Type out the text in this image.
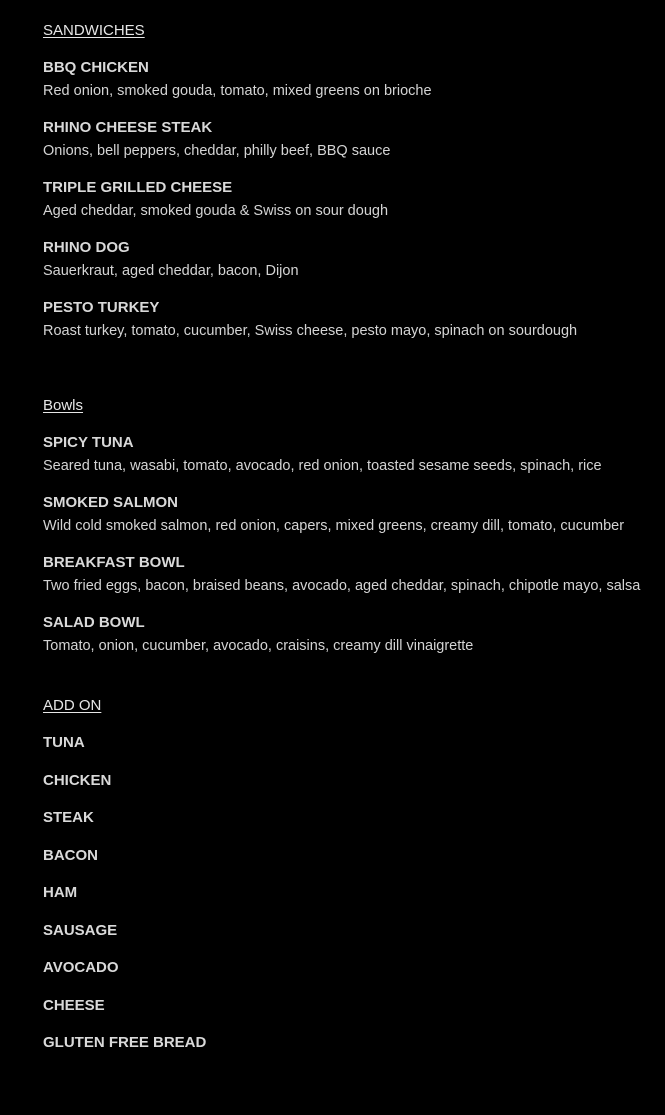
SANDWICHES
BBQ CHICKEN
Red onion, smoked gouda, tomato, mixed greens on brioche
RHINO CHEESE STEAK
Onions, bell peppers, cheddar, philly beef, BBQ sauce
TRIPLE GRILLED CHEESE
Aged cheddar, smoked gouda & Swiss on sour dough
RHINO DOG
Sauerkraut, aged cheddar, bacon, Dijon
PESTO TURKEY
Roast turkey, tomato, cucumber, Swiss cheese, pesto mayo, spinach on sourdough
Bowls
SPICY TUNA
Seared tuna, wasabi, tomato, avocado, red onion, toasted sesame seeds, spinach, rice
SMOKED SALMON
Wild cold smoked salmon, red onion, capers, mixed greens, creamy dill, tomato, cucumber
BREAKFAST BOWL
Two fried eggs, bacon, braised beans, avocado, aged cheddar, spinach, chipotle mayo, salsa
SALAD BOWL
Tomato, onion, cucumber, avocado, craisins, creamy dill vinaigrette
ADD ON
TUNA
CHICKEN
STEAK
BACON
HAM
SAUSAGE
AVOCADO
CHEESE
GLUTEN FREE BREAD
